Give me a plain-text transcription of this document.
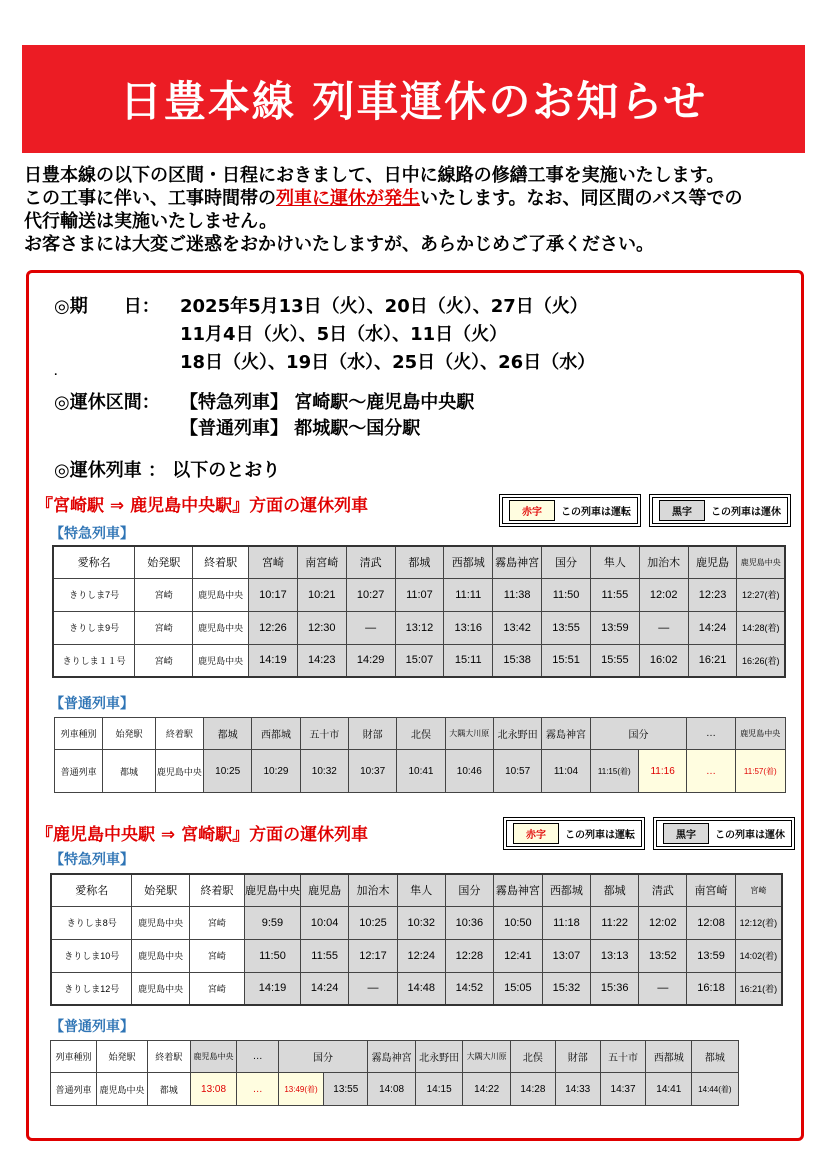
日豊本線 列車運休のお知らせ
日豊本線の以下の区間・日程におきまして、日中に線路の修繕工事を実施いたします。
この工事に伴い、工事時間帯の列車に運休が発生いたします。なお、同区間のバス等での
代行輸送は実施いたしません。
お客さまには大変ご迷惑をおかけいたしますが、あらかじめご了承ください。
◎期　　日： 2025年5月13日（火）、20日（火）、27日（火）
11月4日（火）、5日（水）、11日（火）
18日（火）、19日（水）、25日（火）、26日（水）
.
◎運休区間： 【特急列車】 宮崎駅～鹿児島中央駅
【普通列車】 都城駅～国分駅
◎運休列車 ： 以下のとおり
『宮崎駅 ⇒ 鹿児島中央駅』方面の運休列車	赤字	この列車は運転	黒字	この列車は運休
【特急列車】
愛称名	始発駅	終着駅	宮崎	南宮崎	清武	都城	西都城	霧島神宮	国分	隼人	加治木	鹿児島	鹿児島中央
きりしま7号	宮崎	鹿児島中央	10:17	10:21	10:27	11:07	11:11	11:38	11:50	11:55	12:02	12:23	12:27(着)
きりしま9号	宮崎	鹿児島中央	12:26	12:30	—	13:12	13:16	13:42	13:55	13:59	—	14:24	14:28(着)
きりしま１１号	宮崎	鹿児島中央	14:19	14:23	14:29	15:07	15:11	15:38	15:51	15:55	16:02	16:21	16:26(着)
【普通列車】
列車種別	始発駅	終着駅	都城	西都城	五十市	財部	北俣	大隅大川原	北永野田	霧島神宮	国分		…	鹿児島中央
普通列車	都城	鹿児島中央	10:25	10:29	10:32	10:37	10:41	10:46	10:57	11:04	11:15(着)	11:16	…	11:57(着)
『鹿児島中央駅 ⇒ 宮崎駅』方面の運休列車	赤字	この列車は運転	黒字	この列車は運休
【特急列車】
愛称名	始発駅	終着駅	鹿児島中央	鹿児島	加治木	隼人	国分	霧島神宮	西都城	都城	清武	南宮崎	宮崎
きりしま8号	鹿児島中央	宮崎	9:59	10:04	10:25	10:32	10:36	10:50	11:18	11:22	12:02	12:08	12:12(着)
きりしま10号	鹿児島中央	宮崎	11:50	11:55	12:17	12:24	12:28	12:41	13:07	13:13	13:52	13:59	14:02(着)
きりしま12号	鹿児島中央	宮崎	14:19	14:24	—	14:48	14:52	15:05	15:32	15:36	—	16:18	16:21(着)
【普通列車】
列車種別	始発駅	終着駅	鹿児島中央	…	国分		霧島神宮	北永野田	大隅大川原	北俣	財部	五十市	西都城	都城
普通列車	鹿児島中央	都城	13:08	…	13:49(着)	13:55	14:08	14:15	14:22	14:28	14:33	14:37	14:41	14:44(着)
